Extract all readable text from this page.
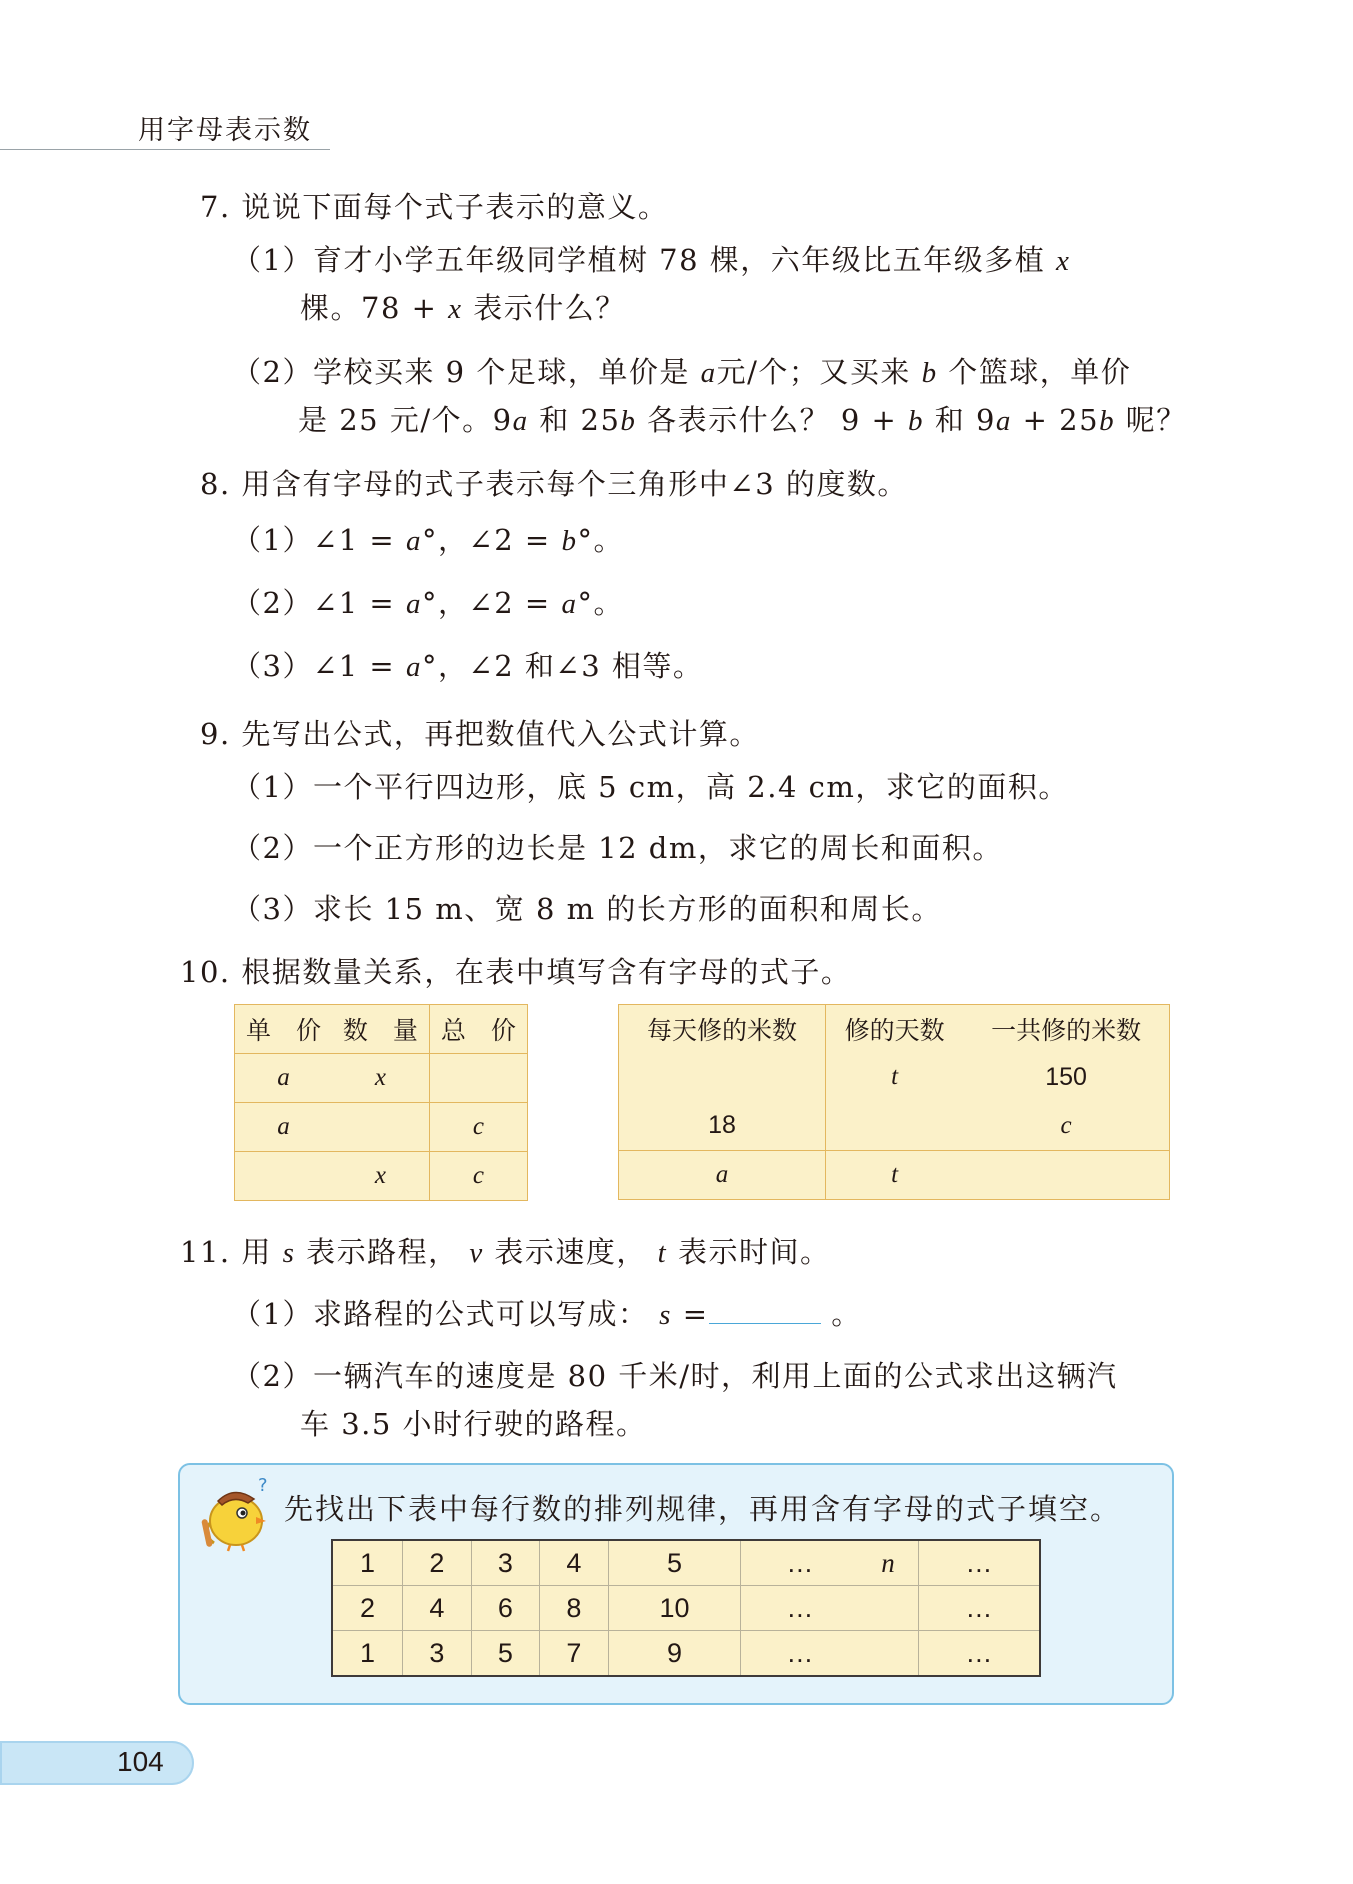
用字母表示数
7. 说说下面每个式子表示的意义。
（1）育才小学五年级同学植树 78 棵，六年级比五年级多植 x
棵。78 + x 表示什么？
（2）学校买来 9 个足球，单价是 a元/个；又买来 b 个篮球，单价
是 25 元/个。9a 和 25b 各表示什么？ 9 + b 和 9a + 25b 呢？
8. 用含有字母的式子表示每个三角形中∠3 的度数。
（1）∠1 = a°，∠2 = b°。
（2）∠1 = a°，∠2 = a°。
（3）∠1 = a°，∠2 和∠3 相等。
9. 先写出公式，再把数值代入公式计算。
（1）一个平行四边形，底 5 cm，高 2.4 cm，求它的面积。
（2）一个正方形的边长是 12 dm，求它的周长和面积。
（3）求长 15 m、宽 8 m 的长方形的面积和周长。
10. 根据数量关系，在表中填写含有字母的式子。
单　价	数　量	总　价
a	x	
a		c
	x	c
每天修的米数	修的天数	一共修的米数
	t	150
18		c
a	t	
11. 用 s 表示路程， v 表示速度， t 表示时间。
（1）求路程的公式可以写成： s =	。
（2）一辆汽车的速度是 80 千米/时，利用上面的公式求出这辆汽
车 3.5 小时行驶的路程。
?
先找出下表中每行数的排列规律，再用含有字母的式子填空。
1	2	3	4	5	…	n	…
2	4	6	8	10	…		…
1	3	5	7	9	…		…
104
